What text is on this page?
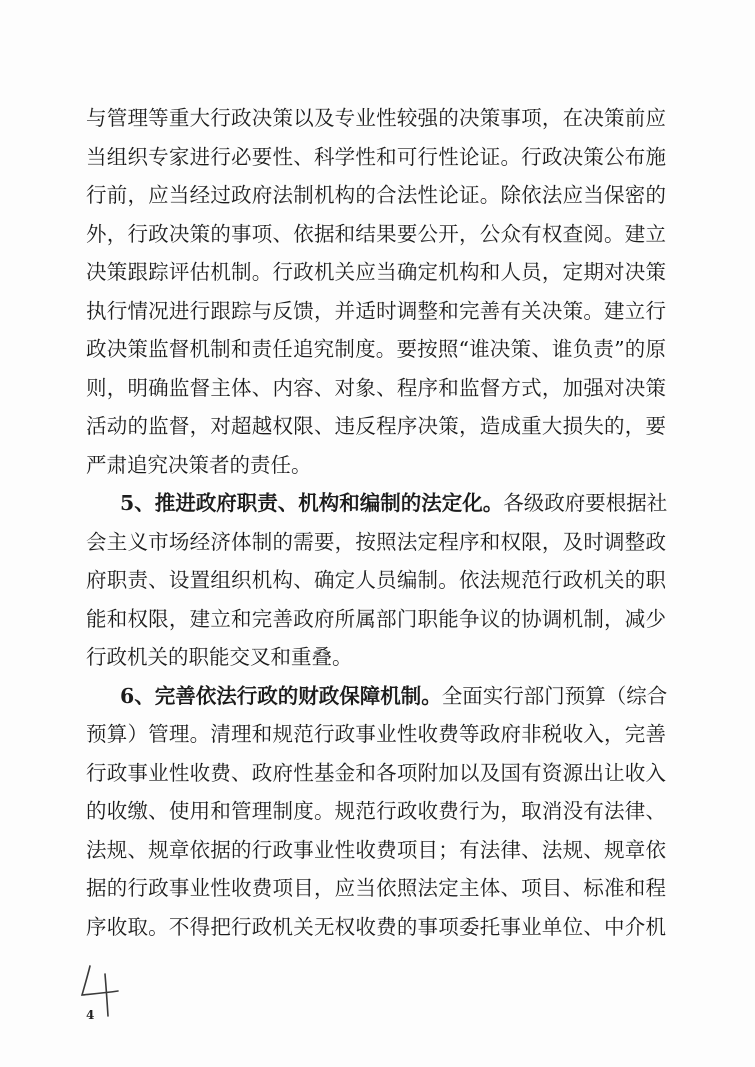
与管理等重大行政决策以及专业性较强的决策事项，在决策前应
当组织专家进行必要性、科学性和可行性论证。行政决策公布施
行前，应当经过政府法制机构的合法性论证。除依法应当保密的
外，行政决策的事项、依据和结果要公开，公众有权查阅。建立
决策跟踪评估机制。行政机关应当确定机构和人员，定期对决策
执行情况进行跟踪与反馈，并适时调整和完善有关决策。建立行
政决策监督机制和责任追究制度。要按照“谁决策、谁负责”的原
则，明确监督主体、内容、对象、程序和监督方式，加强对决策
活动的监督，对超越权限、违反程序决策，造成重大损失的，要
严肃追究决策者的责任。
5、推进政府职责、机构和编制的法定化。各级政府要根据社
会主义市场经济体制的需要，按照法定程序和权限，及时调整政
府职责、设置组织机构、确定人员编制。依法规范行政机关的职
能和权限，建立和完善政府所属部门职能争议的协调机制，减少
行政机关的职能交叉和重叠。
6、完善依法行政的财政保障机制。全面实行部门预算（综合
预算）管理。清理和规范行政事业性收费等政府非税收入，完善
行政事业性收费、政府性基金和各项附加以及国有资源出让收入
的收缴、使用和管理制度。规范行政收费行为，取消没有法律、
法规、规章依据的行政事业性收费项目；有法律、法规、规章依
据的行政事业性收费项目，应当依照法定主体、项目、标准和程
序收取。不得把行政机关无权收费的事项委托事业单位、中介机
4
